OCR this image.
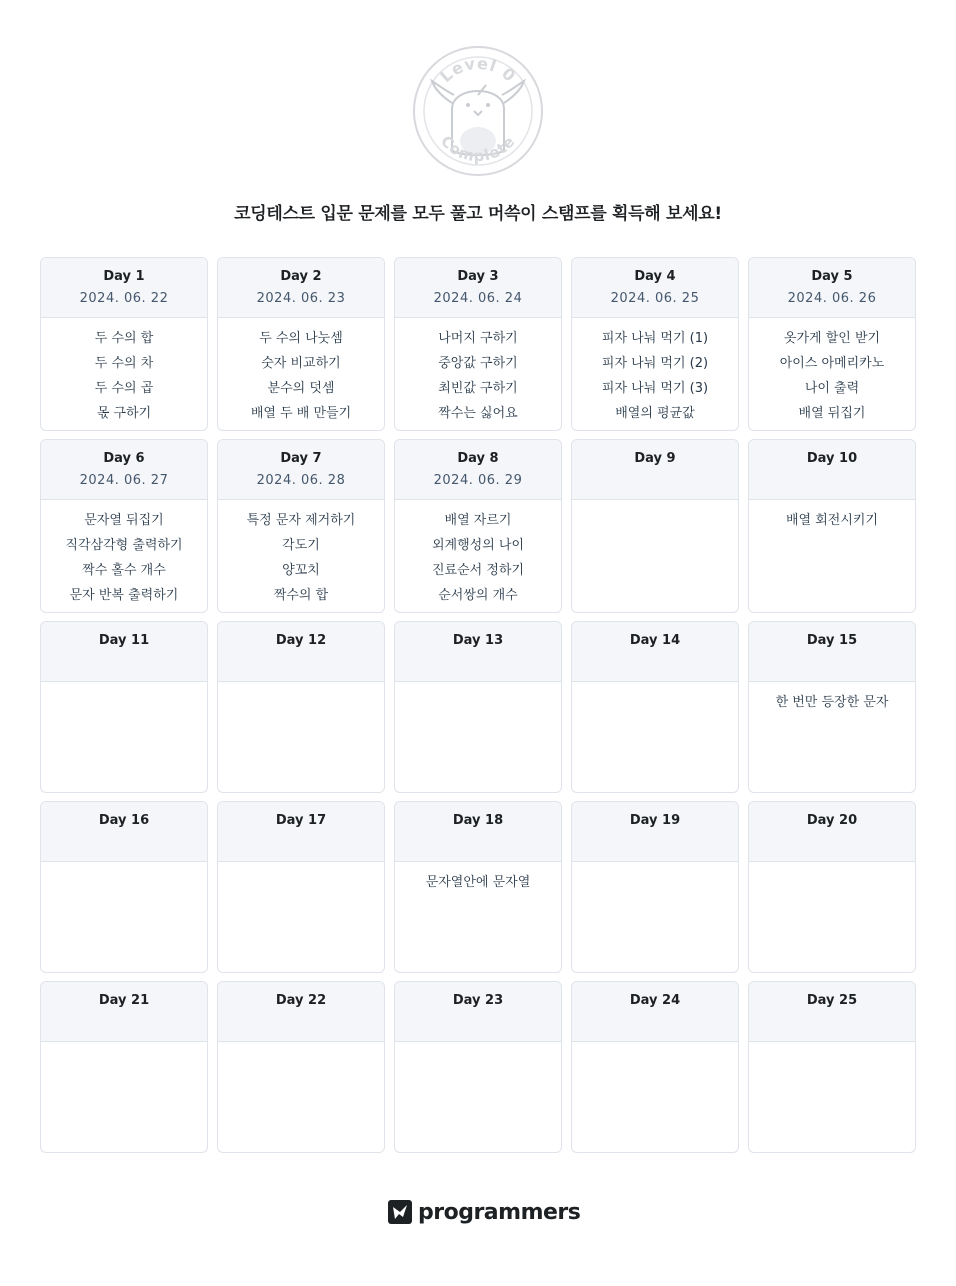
Level 0
Complete
코딩테스트 입문 문제를 모두 풀고 머쓱이 스탬프를 획득해 보세요!
Day 1
2024. 06. 22
두 수의 합
두 수의 차
두 수의 곱
몫 구하기
Day 2
2024. 06. 23
두 수의 나눗셈
숫자 비교하기
분수의 덧셈
배열 두 배 만들기
Day 3
2024. 06. 24
나머지 구하기
중앙값 구하기
최빈값 구하기
짝수는 싫어요
Day 4
2024. 06. 25
피자 나눠 먹기 (1)
피자 나눠 먹기 (2)
피자 나눠 먹기 (3)
배열의 평균값
Day 5
2024. 06. 26
옷가게 할인 받기
아이스 아메리카노
나이 출력
배열 뒤집기
Day 6
2024. 06. 27
문자열 뒤집기
직각삼각형 출력하기
짝수 홀수 개수
문자 반복 출력하기
Day 7
2024. 06. 28
특정 문자 제거하기
각도기
양꼬치
짝수의 합
Day 8
2024. 06. 29
배열 자르기
외계행성의 나이
진료순서 정하기
순서쌍의 개수
Day 9	Day 10
배열 회전시키기
Day 11	Day 12	Day 13	Day 14	Day 15
한 번만 등장한 문자
Day 16	Day 17	Day 18
문자열안에 문자열
Day 19	Day 20
Day 21	Day 22	Day 23	Day 24	Day 25
programmers
